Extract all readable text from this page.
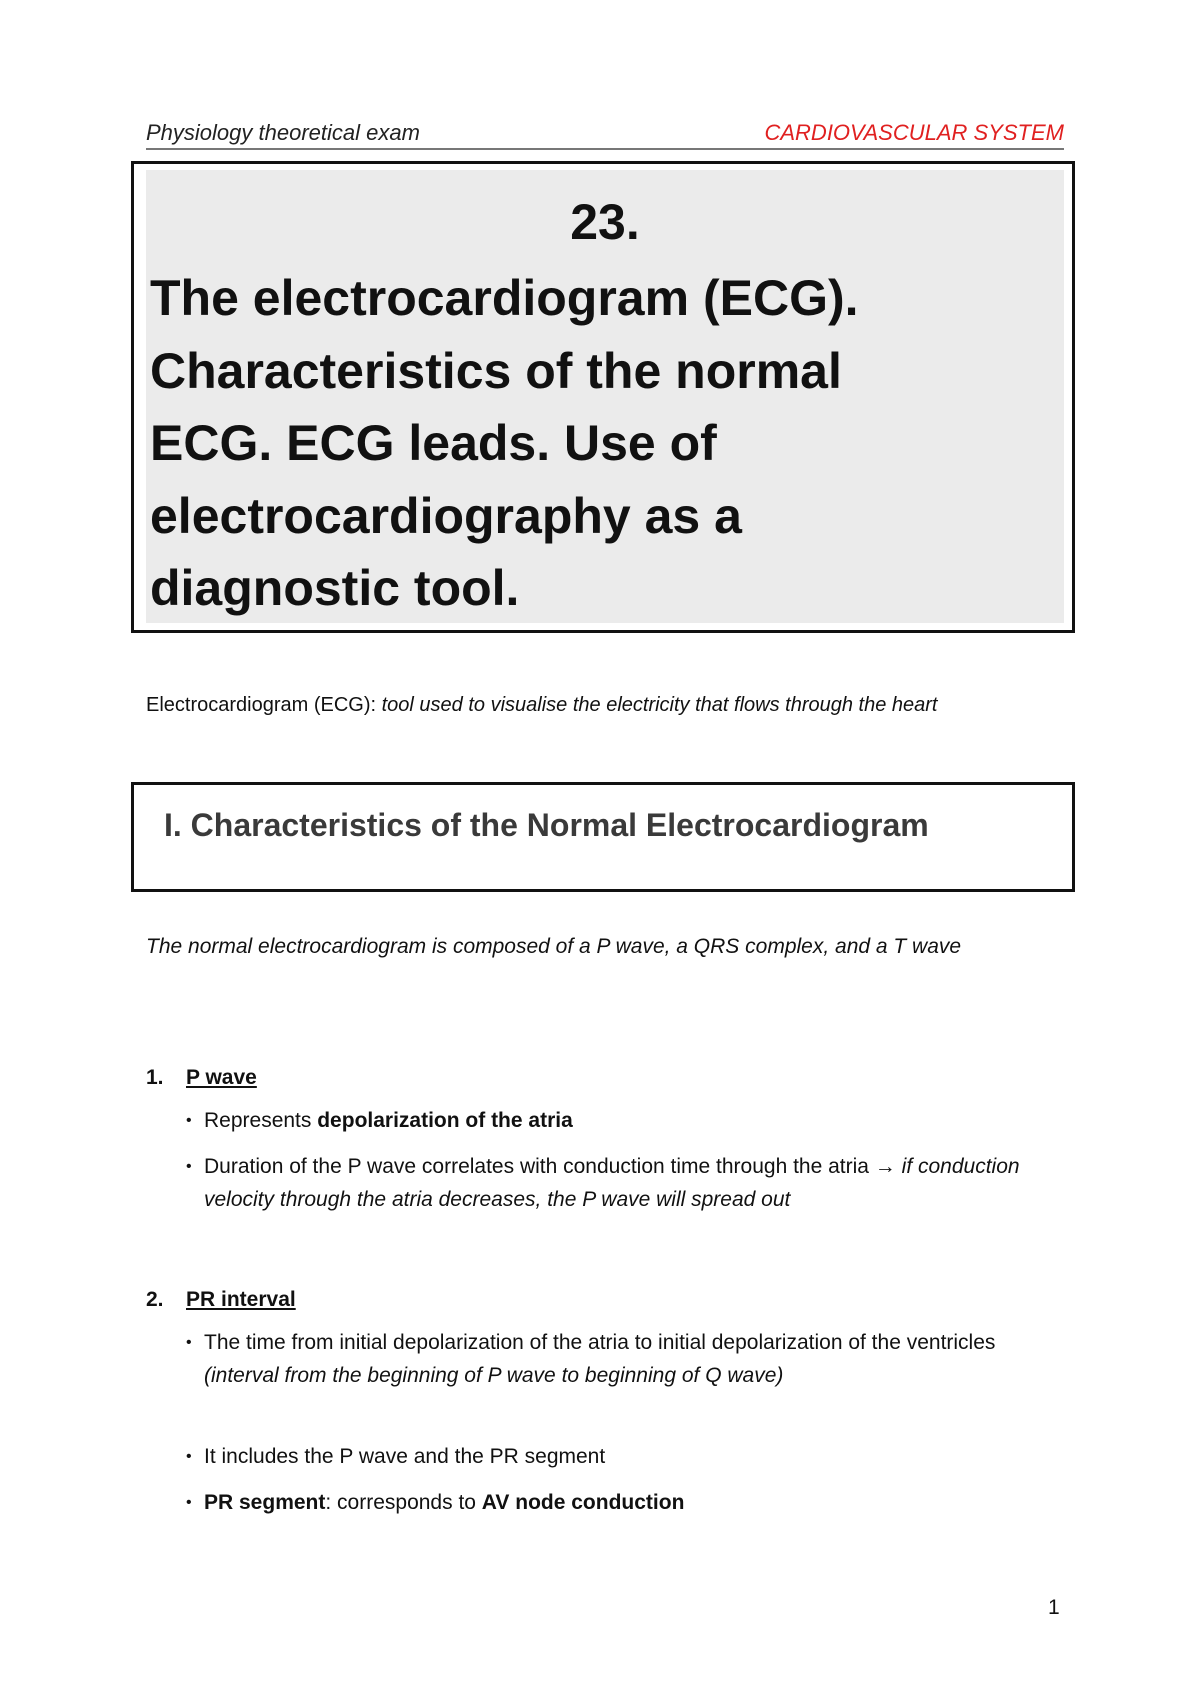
Physiology theoretical exam	CARDIOVASCULAR SYSTEM
23.
The electrocardiogram (ECG).
Characteristics of the normal
ECG. ECG leads. Use of
electrocardiography as a
diagnostic tool.
Electrocardiogram (ECG): tool used to visualise the electricity that flows through the heart
I. Characteristics of the Normal Electrocardiogram
The normal electrocardiogram is composed of a P wave, a QRS complex, and a T wave
1. P wave
• Represents depolarization of the atria
• Duration of the P wave correlates with conduction time through the atria → if conduction velocity through the atria decreases, the P wave will spread out
2. PR interval
• The time from initial depolarization of the atria to initial depolarization of the ventricles
(interval from the beginning of P wave to beginning of Q wave)
• It includes the P wave and the PR segment
• PR segment: corresponds to AV node conduction
1
